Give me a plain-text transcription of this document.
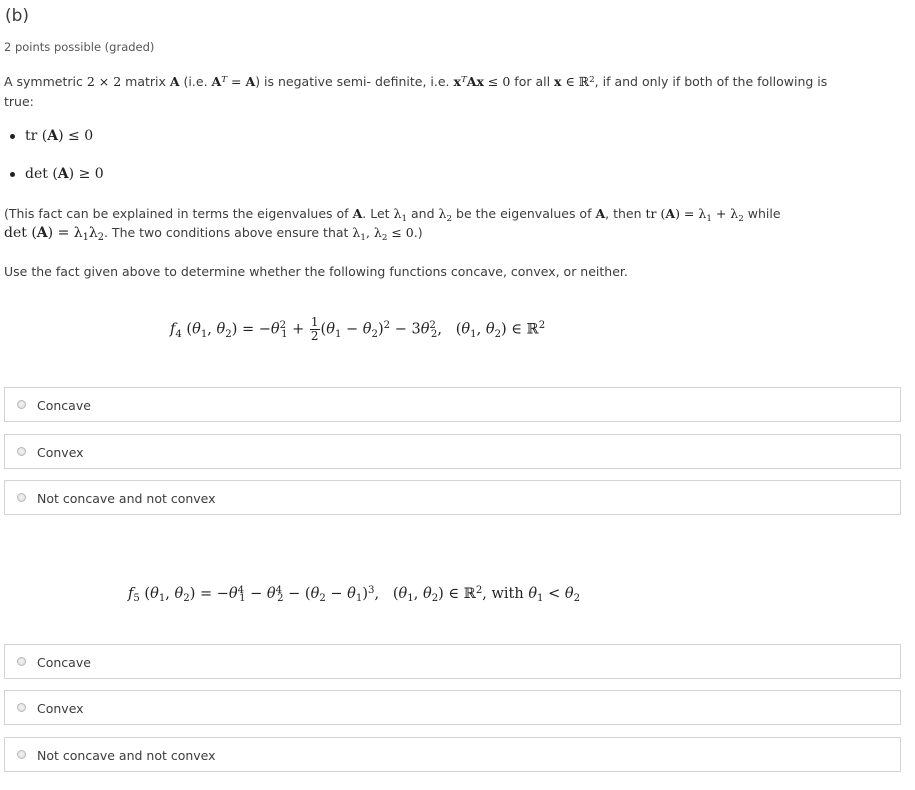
(b)
2 points possible (graded)
A symmetric 2 × 2 matrix A (i.e. $A^T = A$) is negative semi- definite, i.e. $x^TAx \le 0$ for all x ∈ ℝ$^2$, if and only if both of the following is
true:
tr (A) ≤ 0
det (A) ≥ 0
(This fact can be explained in terms the eigenvalues of A. Let $\lambda_1$ and $\lambda_2$ be the eigenvalues of A, then tr $(A) = \lambda_1 + \lambda_2$ while
$\det (A) = \lambda_1\lambda_2$. The two conditions above ensure that $\lambda_1$, $\lambda_2 \le 0$.)
Use the fact given above to determine whether the following functions concave, convex, or neither.
$f_4$ ($\theta_1$, $\theta_2) = -\theta^2_1 + \frac{1}{2} (\theta_1 - \theta_2)^2 - 3\theta^2_2$,   ($\theta_1$, $\theta_2$) ∈ ℝ$^2$
Concave
Convex
Not concave and not convex
$f_5$ ($\theta_1$, $\theta_2) = -\theta^4_1 - \theta^4_2 - (\theta_2 - \theta_1)^3$,   ($\theta_1$, $\theta_2$) ∈ ℝ$^2$, with $\theta_1 < \theta_2$
Concave
Convex
Not concave and not convex
